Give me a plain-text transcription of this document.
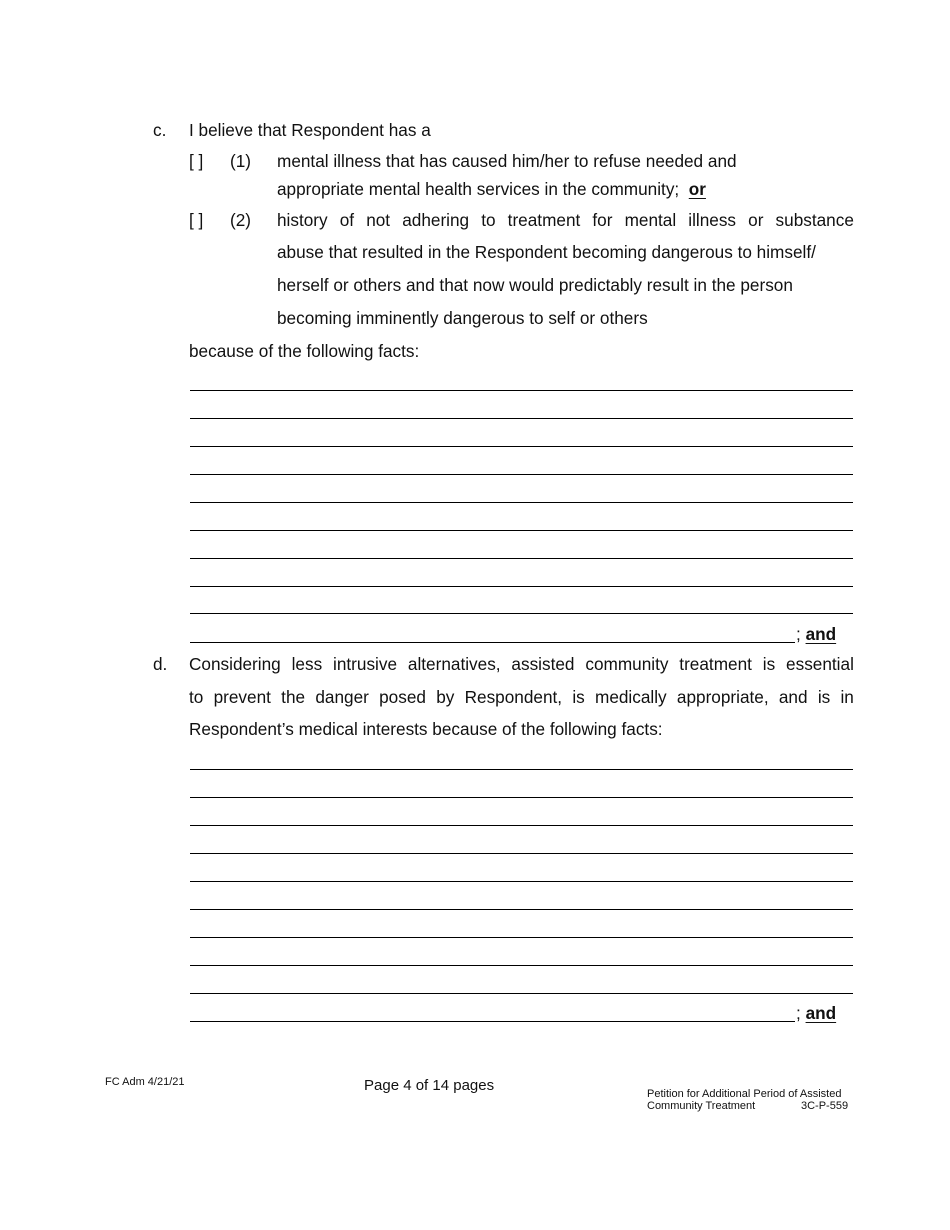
c. I believe that Respondent has a
[ ] (1) mental illness that has caused him/her to refuse needed and
appropriate mental health services in the community; or
[ ] (2) history of not adhering to treatment for mental illness or substance
abuse that resulted in the Respondent becoming dangerous to himself/
herself or others and that now would predictably result in the person
becoming imminently dangerous to self or others
because of the following facts:
; and
d. Considering less intrusive alternatives, assisted community treatment is essential
to prevent the danger posed by Respondent, is medically appropriate, and is in
Respondent’s medical interests because of the following facts:
; and
FC Adm 4/21/21	Page 4 of 14 pages	Petition for Additional Period of Assisted
Community Treatment	3C-P-559
